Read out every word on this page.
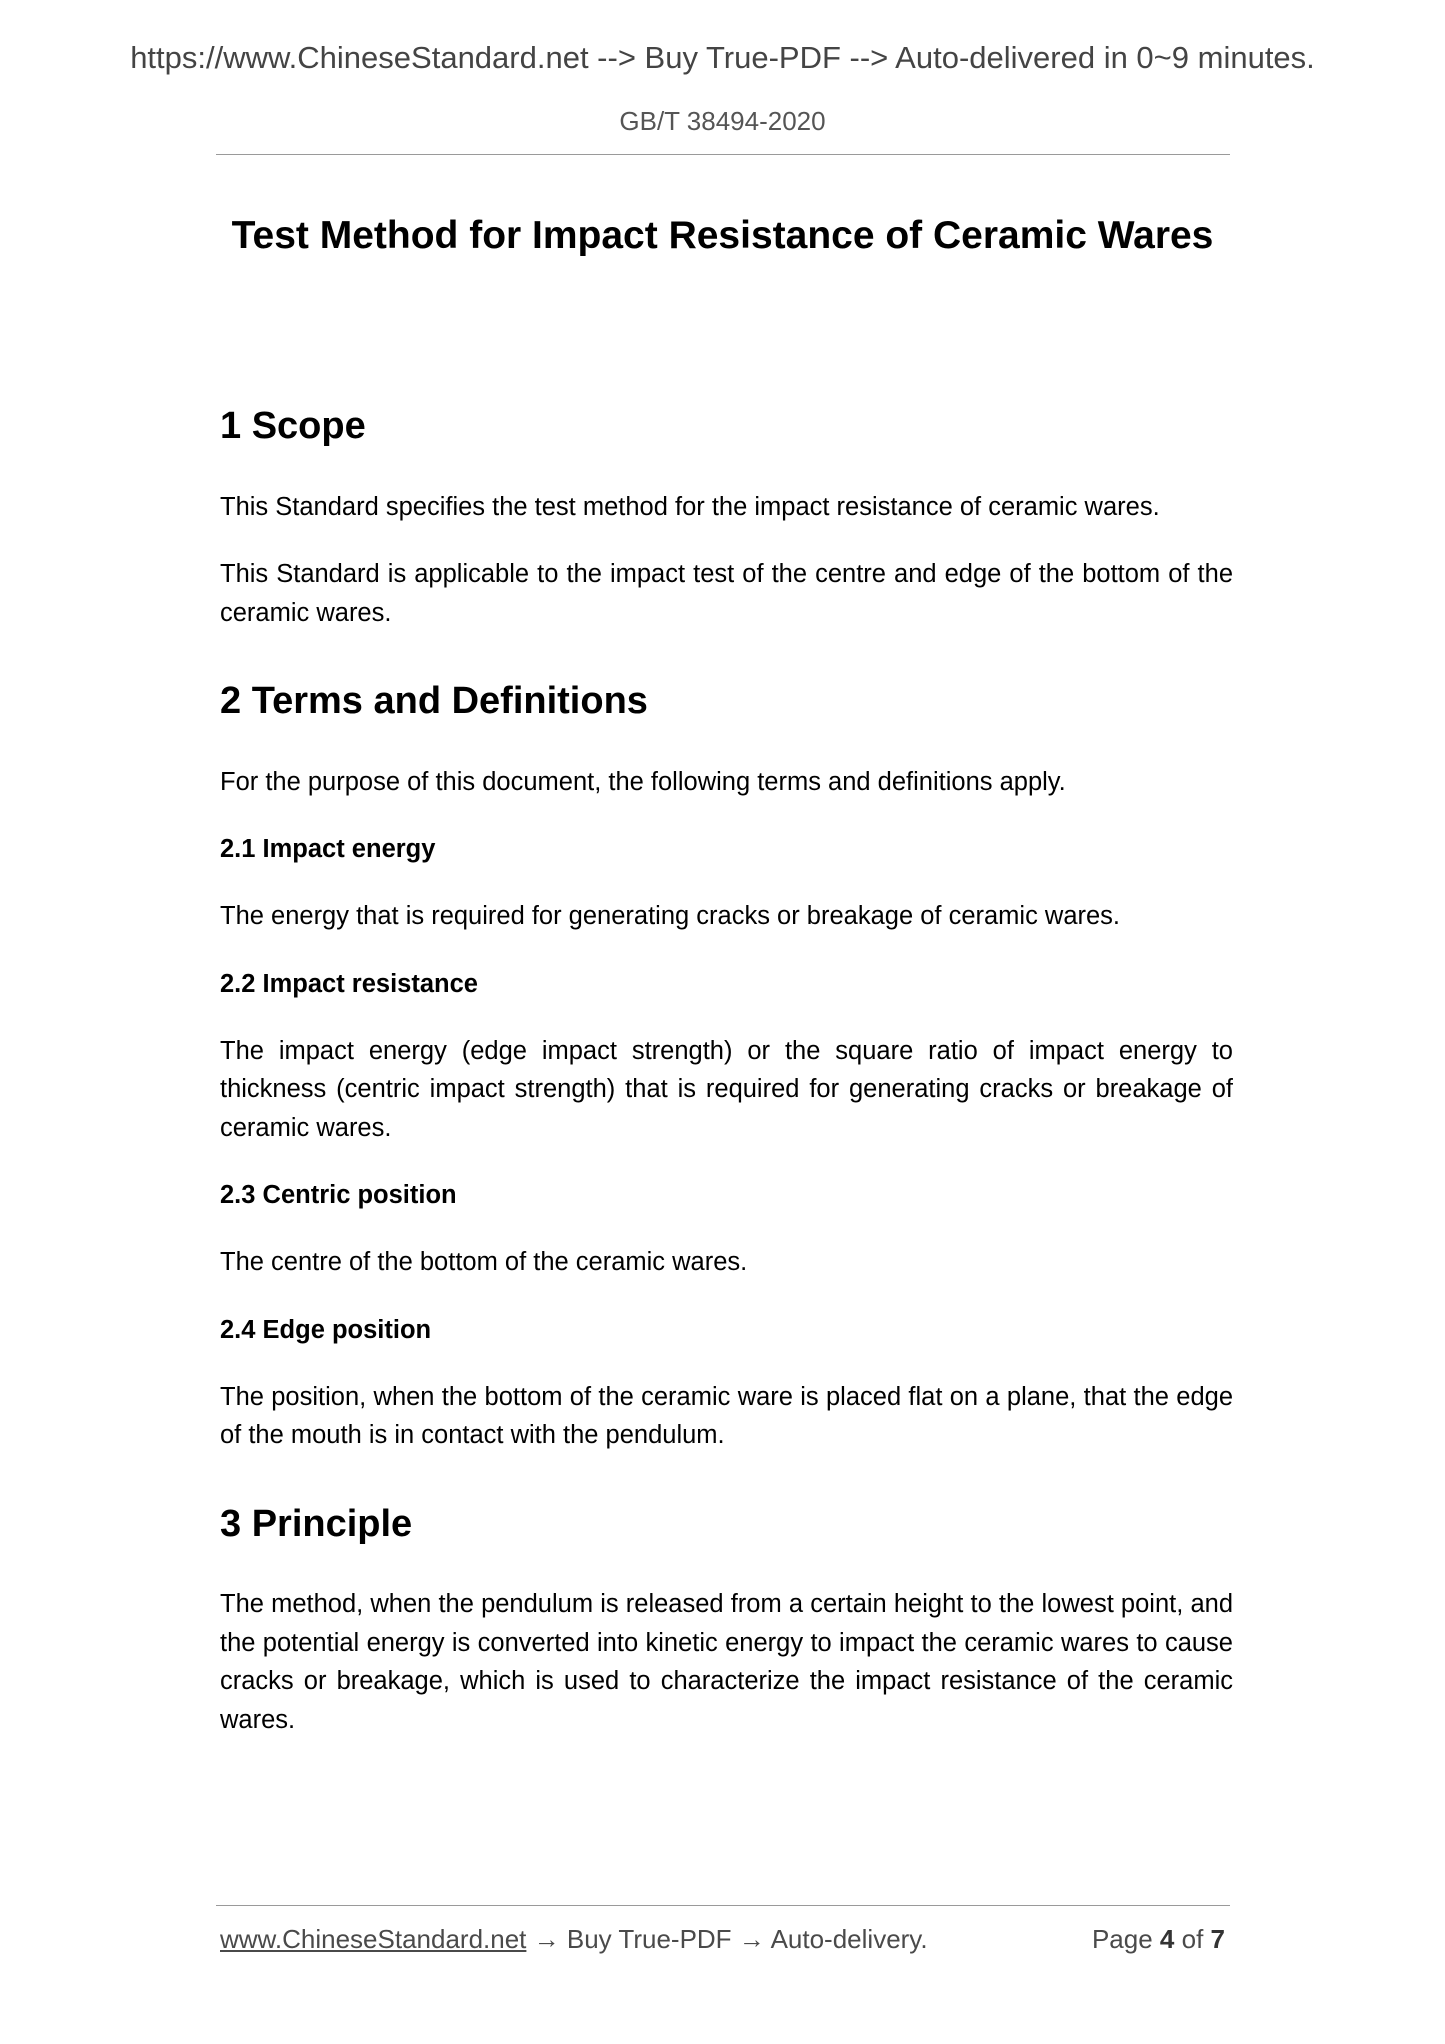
https://www.ChineseStandard.net --> Buy True-PDF --> Auto-delivered in 0~9 minutes.
GB/T 38494-2020
Test Method for Impact Resistance of Ceramic Wares
1 Scope

This Standard specifies the test method for the impact resistance of ceramic wares.

This Standard is applicable to the impact test of the centre and edge of the bottom of the ceramic wares.

2 Terms and Definitions

For the purpose of this document, the following terms and definitions apply.

2.1 Impact energy

The energy that is required for generating cracks or breakage of ceramic wares.

2.2 Impact resistance

The impact energy (edge impact strength) or the square ratio of impact energy to thickness (centric impact strength) that is required for generating cracks or breakage of ceramic wares.

2.3 Centric position

The centre of the bottom of the ceramic wares.

2.4 Edge position

The position, when the bottom of the ceramic ware is placed flat on a plane, that the edge of the mouth is in contact with the pendulum.

3 Principle

The method, when the pendulum is released from a certain height to the lowest point, and the potential energy is converted into kinetic energy to impact the ceramic wares to cause cracks or breakage, which is used to characterize the impact resistance of the ceramic wares.

www.ChineseStandard.net → Buy True-PDF → Auto-delivery.	Page 4 of 7
